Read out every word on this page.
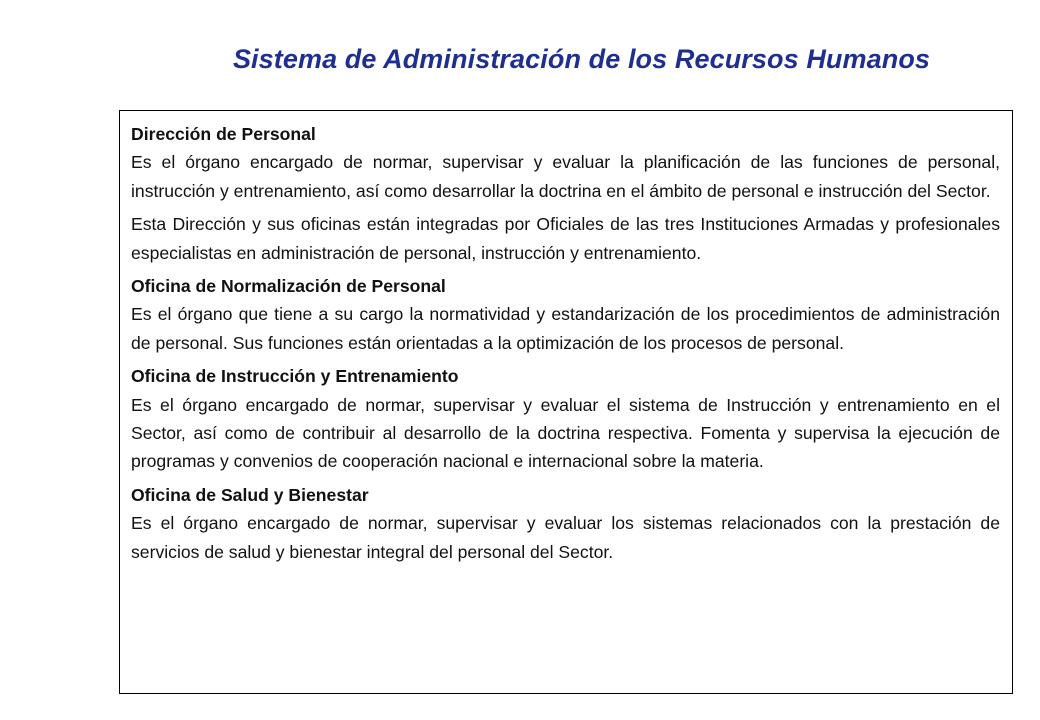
Sistema de Administración de los Recursos Humanos

Dirección de Personal

Es el órgano encargado de normar, supervisar y evaluar la planificación de las funciones de personal, instrucción y entrenamiento, así como desarrollar la doctrina en el ámbito de personal e instrucción del Sector.

Esta Dirección y sus oficinas están integradas por Oficiales de las tres Instituciones Armadas y profesionales especialistas en administración de personal, instrucción y entrenamiento.

Oficina de Normalización de Personal

Es el órgano que tiene a su cargo la normatividad y estandarización de los procedimientos de administración de personal. Sus funciones están orientadas a la optimización de los procesos de personal.

Oficina de Instrucción y Entrenamiento

Es el órgano encargado de normar, supervisar y evaluar el sistema de Instrucción y entrenamiento en el Sector, así como de contribuir al desarrollo de la doctrina respectiva. Fomenta y supervisa la ejecución de programas y convenios de cooperación nacional e internacional sobre la materia.

Oficina de Salud y Bienestar

Es el órgano encargado de normar, supervisar y evaluar los sistemas relacionados con la prestación de servicios de salud y bienestar integral del personal del Sector.
